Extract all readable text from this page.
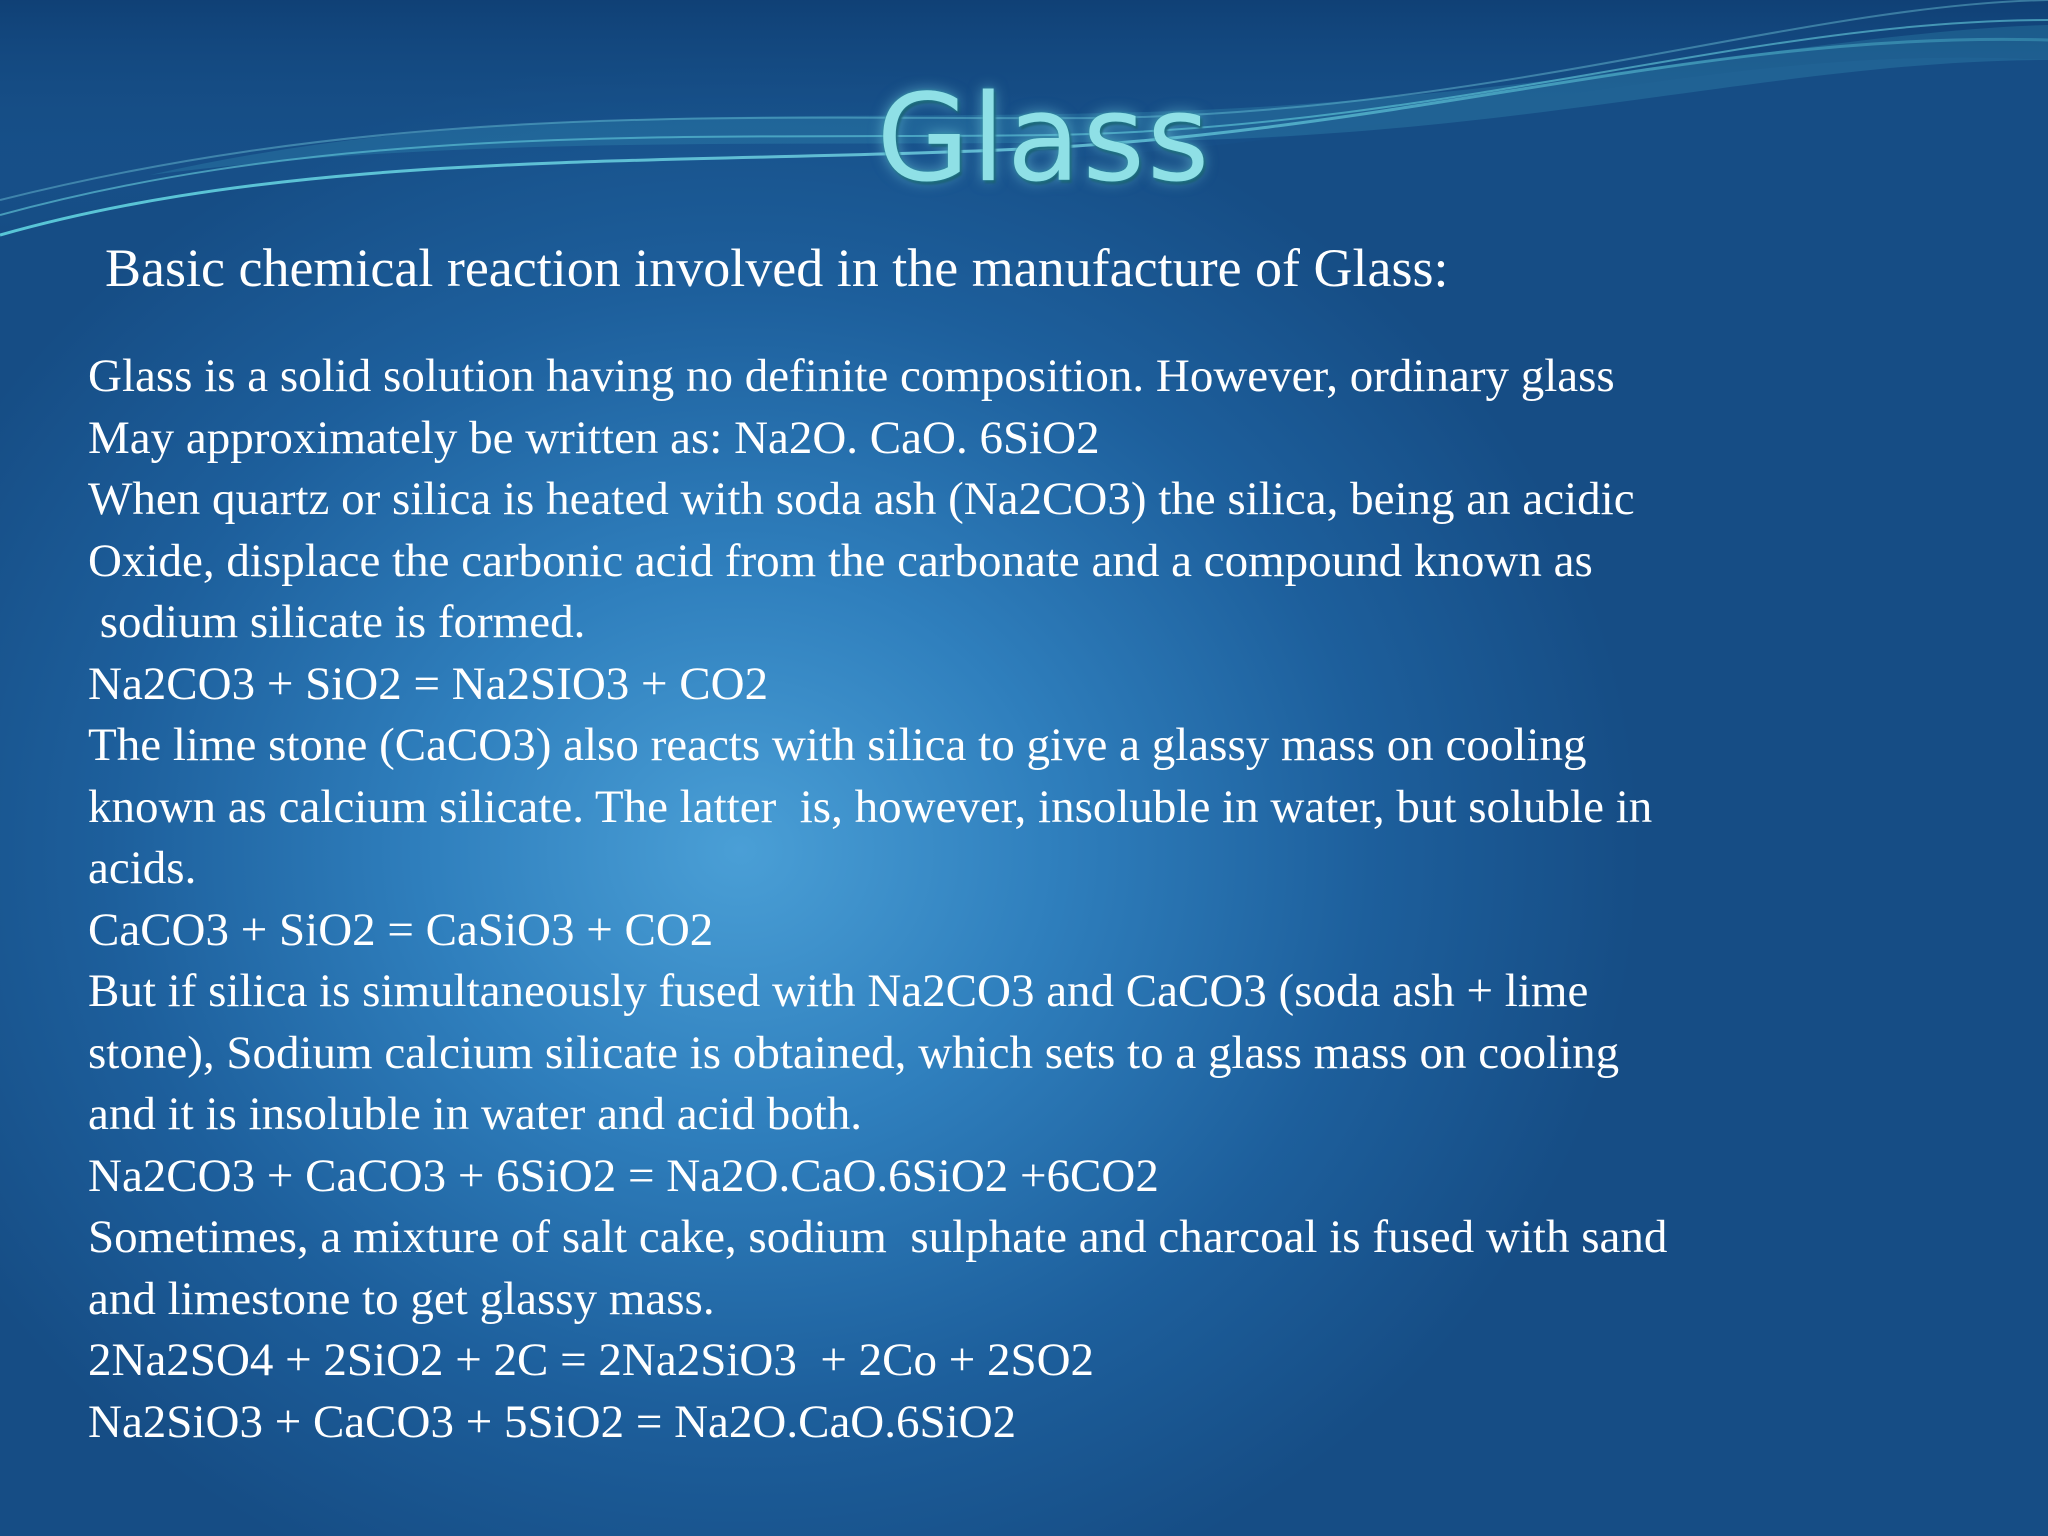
Glass
Basic chemical reaction involved in the manufacture of Glass:
Glass is a solid solution having no definite composition. However, ordinary glass
May approximately be written as: Na2O. CaO. 6SiO2
When quartz or silica is heated with soda ash (Na2CO3) the silica, being an acidic
Oxide, displace the carbonic acid from the carbonate and a compound known as
sodium silicate is formed.
Na2CO3 + SiO2 = Na2SIO3 + CO2
The lime stone (CaCO3) also reacts with silica to give a glassy mass on cooling
known as calcium silicate. The latter  is, however, insoluble in water, but soluble in
acids.
CaCO3 + SiO2 = CaSiO3 + CO2
But if silica is simultaneously fused with Na2CO3 and CaCO3 (soda ash + lime
stone), Sodium calcium silicate is obtained, which sets to a glass mass on cooling
and it is insoluble in water and acid both.
Na2CO3 + CaCO3 + 6SiO2 = Na2O.CaO.6SiO2 +6CO2
Sometimes, a mixture of salt cake, sodium  sulphate and charcoal is fused with sand
and limestone to get glassy mass.
2Na2SO4 + 2SiO2 + 2C = 2Na2SiO3  + 2Co + 2SO2
Na2SiO3 + CaCO3 + 5SiO2 = Na2O.CaO.6SiO2
